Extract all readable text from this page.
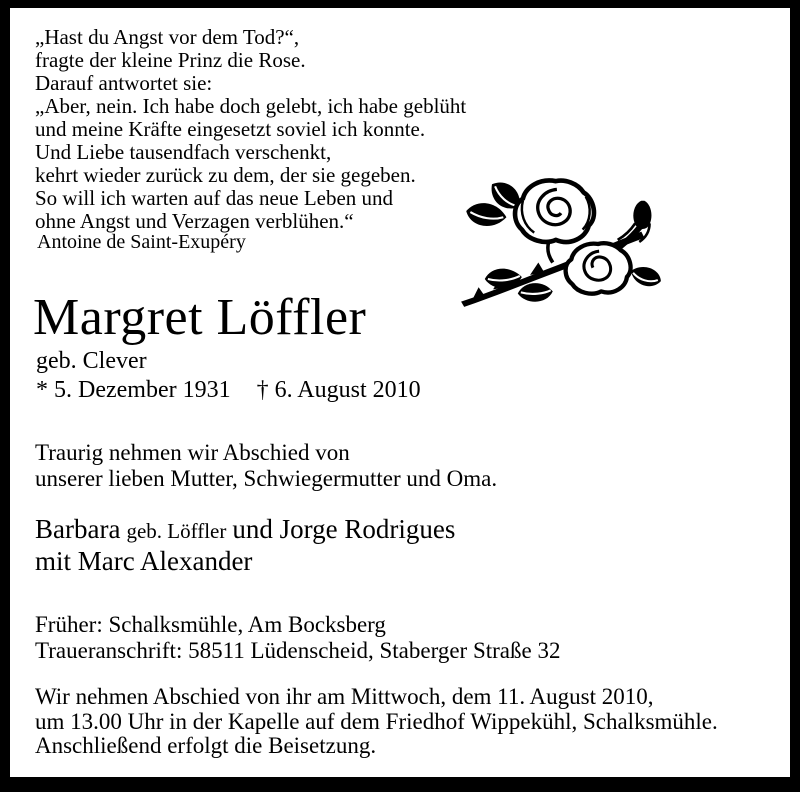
„Hast du Angst vor dem Tod?“,
fragte der kleine Prinz die Rose.
Darauf antwortet sie:
„Aber, nein. Ich habe doch gelebt, ich habe geblüht
und meine Kräfte eingesetzt soviel ich konnte.
Und Liebe tausendfach verschenkt,
kehrt wieder zurück zu dem, der sie gegeben.
So will ich warten auf das neue Leben und
ohne Angst und Verzagen verblühen.“
Antoine de Saint-Exupéry
Margret Löffler
geb. Clever
* 5. Dezember 1931 † 6. August 2010
Traurig nehmen wir Abschied von
unserer lieben Mutter, Schwiegermutter und Oma.
Barbara geb. Löffler und Jorge Rodrigues
mit Marc Alexander
Früher: Schalksmühle, Am Bocksberg
Traueranschrift: 58511 Lüdenscheid, Staberger Straße 32
Wir nehmen Abschied von ihr am Mittwoch, dem 11. August 2010,
um 13.00 Uhr in der Kapelle auf dem Friedhof Wippekühl, Schalksmühle.
Anschließend erfolgt die Beisetzung.
